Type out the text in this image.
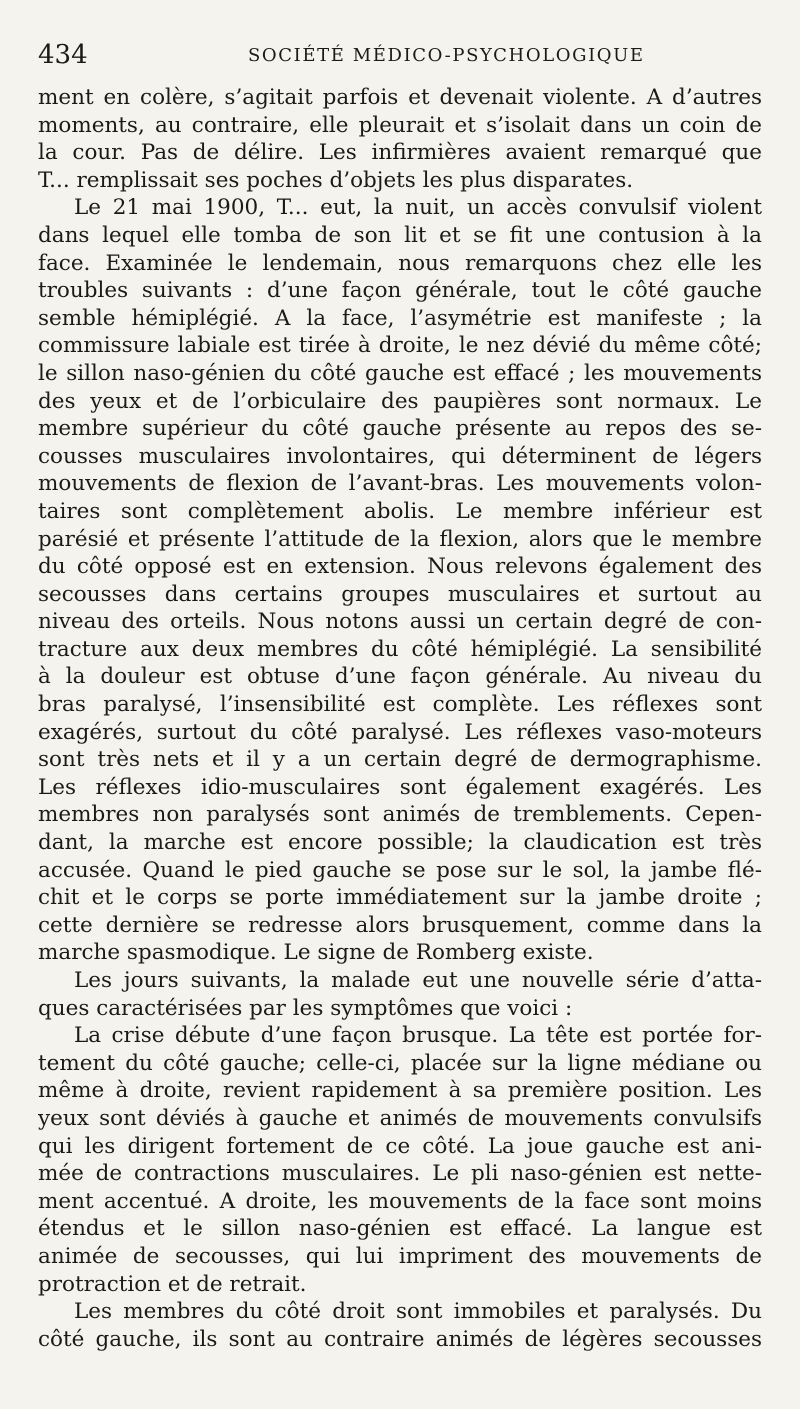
434	SOCIÉTÉ MÉDICO-PSYCHOLOGIQUE
ment en colère, s’agitait parfois et devenait violente. A d’autres
moments, au contraire, elle pleurait et s’isolait dans un coin de
la cour. Pas de délire. Les infirmières avaient remarqué que
T... remplissait ses poches d’objets les plus disparates.
Le 21 mai 1900, T... eut, la nuit, un accès convulsif violent
dans lequel elle tomba de son lit et se fit une contusion à la
face. Examinée le lendemain, nous remarquons chez elle les
troubles suivants : d’une façon générale, tout le côté gauche
semble hémiplégié. A la face, l’asymétrie est manifeste ; la
commissure labiale est tirée à droite, le nez dévié du même côté;
le sillon naso-génien du côté gauche est effacé ; les mouvements
des yeux et de l’orbiculaire des paupières sont normaux. Le
membre supérieur du côté gauche présente au repos des se-
cousses musculaires involontaires, qui déterminent de légers
mouvements de flexion de l’avant-bras. Les mouvements volon-
taires sont complètement abolis. Le membre inférieur est
parésié et présente l’attitude de la flexion, alors que le membre
du côté opposé est en extension. Nous relevons également des
secousses dans certains groupes musculaires et surtout au
niveau des orteils. Nous notons aussi un certain degré de con-
tracture aux deux membres du côté hémiplégié. La sensibilité
à la douleur est obtuse d’une façon générale. Au niveau du
bras paralysé, l’insensibilité est complète. Les réflexes sont
exagérés, surtout du côté paralysé. Les réflexes vaso-moteurs
sont très nets et il y a un certain degré de dermographisme.
Les réflexes idio-musculaires sont également exagérés. Les
membres non paralysés sont animés de tremblements. Cepen-
dant, la marche est encore possible; la claudication est très
accusée. Quand le pied gauche se pose sur le sol, la jambe flé-
chit et le corps se porte immédiatement sur la jambe droite ;
cette dernière se redresse alors brusquement, comme dans la
marche spasmodique. Le signe de Romberg existe.
Les jours suivants, la malade eut une nouvelle série d’atta-
ques caractérisées par les symptômes que voici :
La crise débute d’une façon brusque. La tête est portée for-
tement du côté gauche; celle-ci, placée sur la ligne médiane ou
même à droite, revient rapidement à sa première position. Les
yeux sont déviés à gauche et animés de mouvements convulsifs
qui les dirigent fortement de ce côté. La joue gauche est ani-
mée de contractions musculaires. Le pli naso-génien est nette-
ment accentué. A droite, les mouvements de la face sont moins
étendus et le sillon naso-génien est effacé. La langue est
animée de secousses, qui lui impriment des mouvements de
protraction et de retrait.
Les membres du côté droit sont immobiles et paralysés. Du
côté gauche, ils sont au contraire animés de légères secousses
